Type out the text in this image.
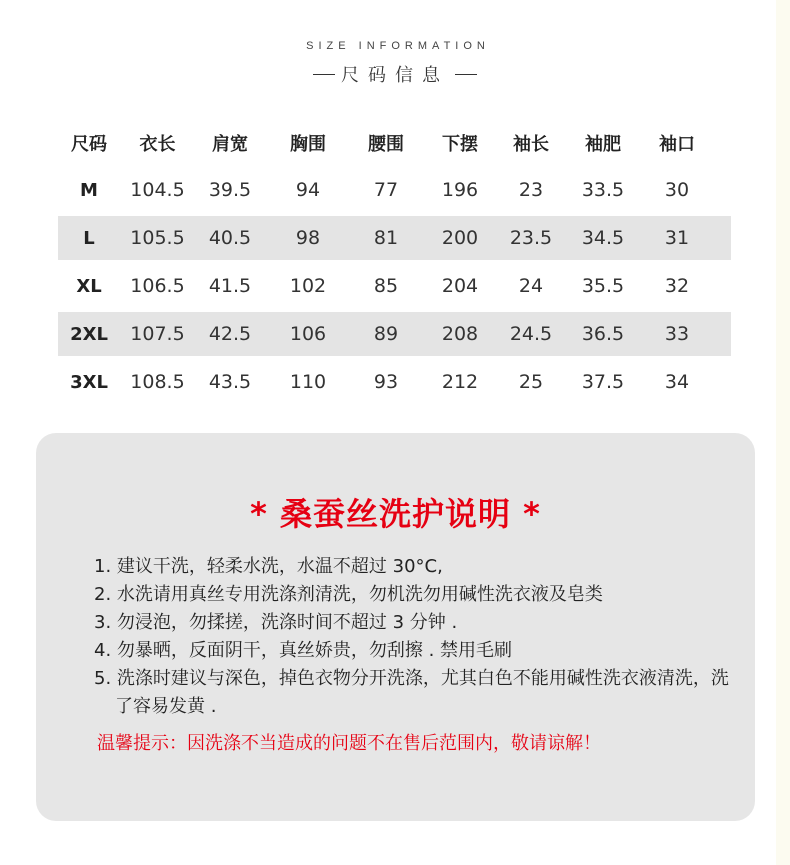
SIZE INFORMATION
尺码信息
尺码	衣长	肩宽	胸围	腰围	下摆	袖长	袖肥	袖口
M	104.5	39.5	94	77	196	23	33.5	30
L	105.5	40.5	98	81	200	23.5	34.5	31
XL	106.5	41.5	102	85	204	24	35.5	32
2XL	107.5	42.5	106	89	208	24.5	36.5	33
3XL	108.5	43.5	110	93	212	25	37.5	34
* 桑蚕丝洗护说明 *
1. 建议干洗，轻柔水洗，水温不超过 30°C,
2. 水洗请用真丝专用洗涤剂清洗，勿机洗勿用碱性洗衣液及皂类
3. 勿浸泡，勿揉搓，洗涤时间不超过 3 分钟 .
4. 勿暴晒，反面阴干，真丝娇贵，勿刮擦 . 禁用毛刷
5. 洗涤时建议与深色，掉色衣物分开洗涤，尤其白色不能用碱性洗衣液清洗，洗了容易发黄 .
温馨提示：因洗涤不当造成的问题不在售后范围内，敬请谅解！
